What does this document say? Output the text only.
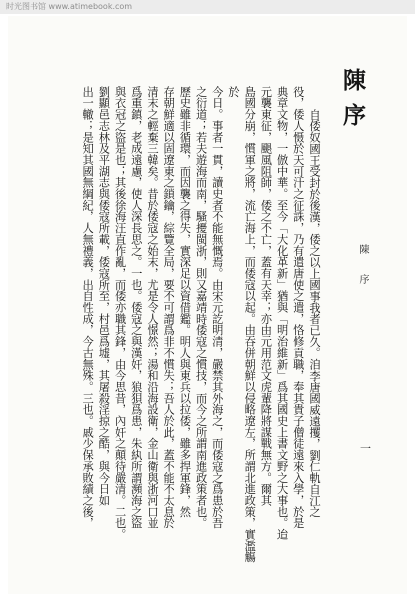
时光图书馆 www.atimebook.com
陳序
陳序
一
自倭奴國王受封於後漢，倭之以上國事我者已久。洎李唐國威遠攫，劉仁軌自江之
役，倭人慑於天可汗之征誅，乃有遣唐使之遣，恪修貢職，奉其貴子僧徒遠來入學，於是
典章文物，一倣中華。至今「大化革新」猶與「明治維新」爲其國史上書文野之大事也。迨
元襲東征，颶風阻師，倭之不亡，蓋有天幸；亦由元用范文虎輩降將謀戰無方。爾其
島國分崩，慣軍之將，流亡海上，而倭寇以起。由吞併朝鮮以侵略遼左，所謂北進政策，實濫觴於
今日。事者一貫，讀史者不能無慨焉。由宋元訖明清，嚴禁其外海之，而倭寇之爲患於吾
之衍道；若夫遊海而南，騷擾閩浙，則又嘉靖時倭寇之慣技，而今之所謂南進政策者也。
歷史雖非循環，而因襲之得失，實深足以資借鑑。明人與東兵以拉倭，雖多捍軍鋒，然
存朝鮮適以固遼東之鎖鑰，綜覽全局，要不可謂爲非不慣失；吾人於此，蓋不能不太息於
清末之輕棄三韓矣。昔於倭寇之始末，尤是令人憬然；湯和沿海設衛，金山衛與浙河口並
爲重鎮，老成遠慮，使人深長思之。一也。倭寇之與漢奸，狼狽爲患，朱紈所謂瀕海之盜
與衣冠之盜是也；其後徐海汪直作亂，而倭亦職其鋒，由今思昔，內奸之顛待嚴清。二也。
劉顯邑志林及平湖志與倭寇所載，倭寇所至，村邑爲墟，其屠殺淫掠之酷，與今日如
出一轍；是知其國無綱紀，人無禮義，出自性成，今古無殊。三也。戚少保承敗績之後，
